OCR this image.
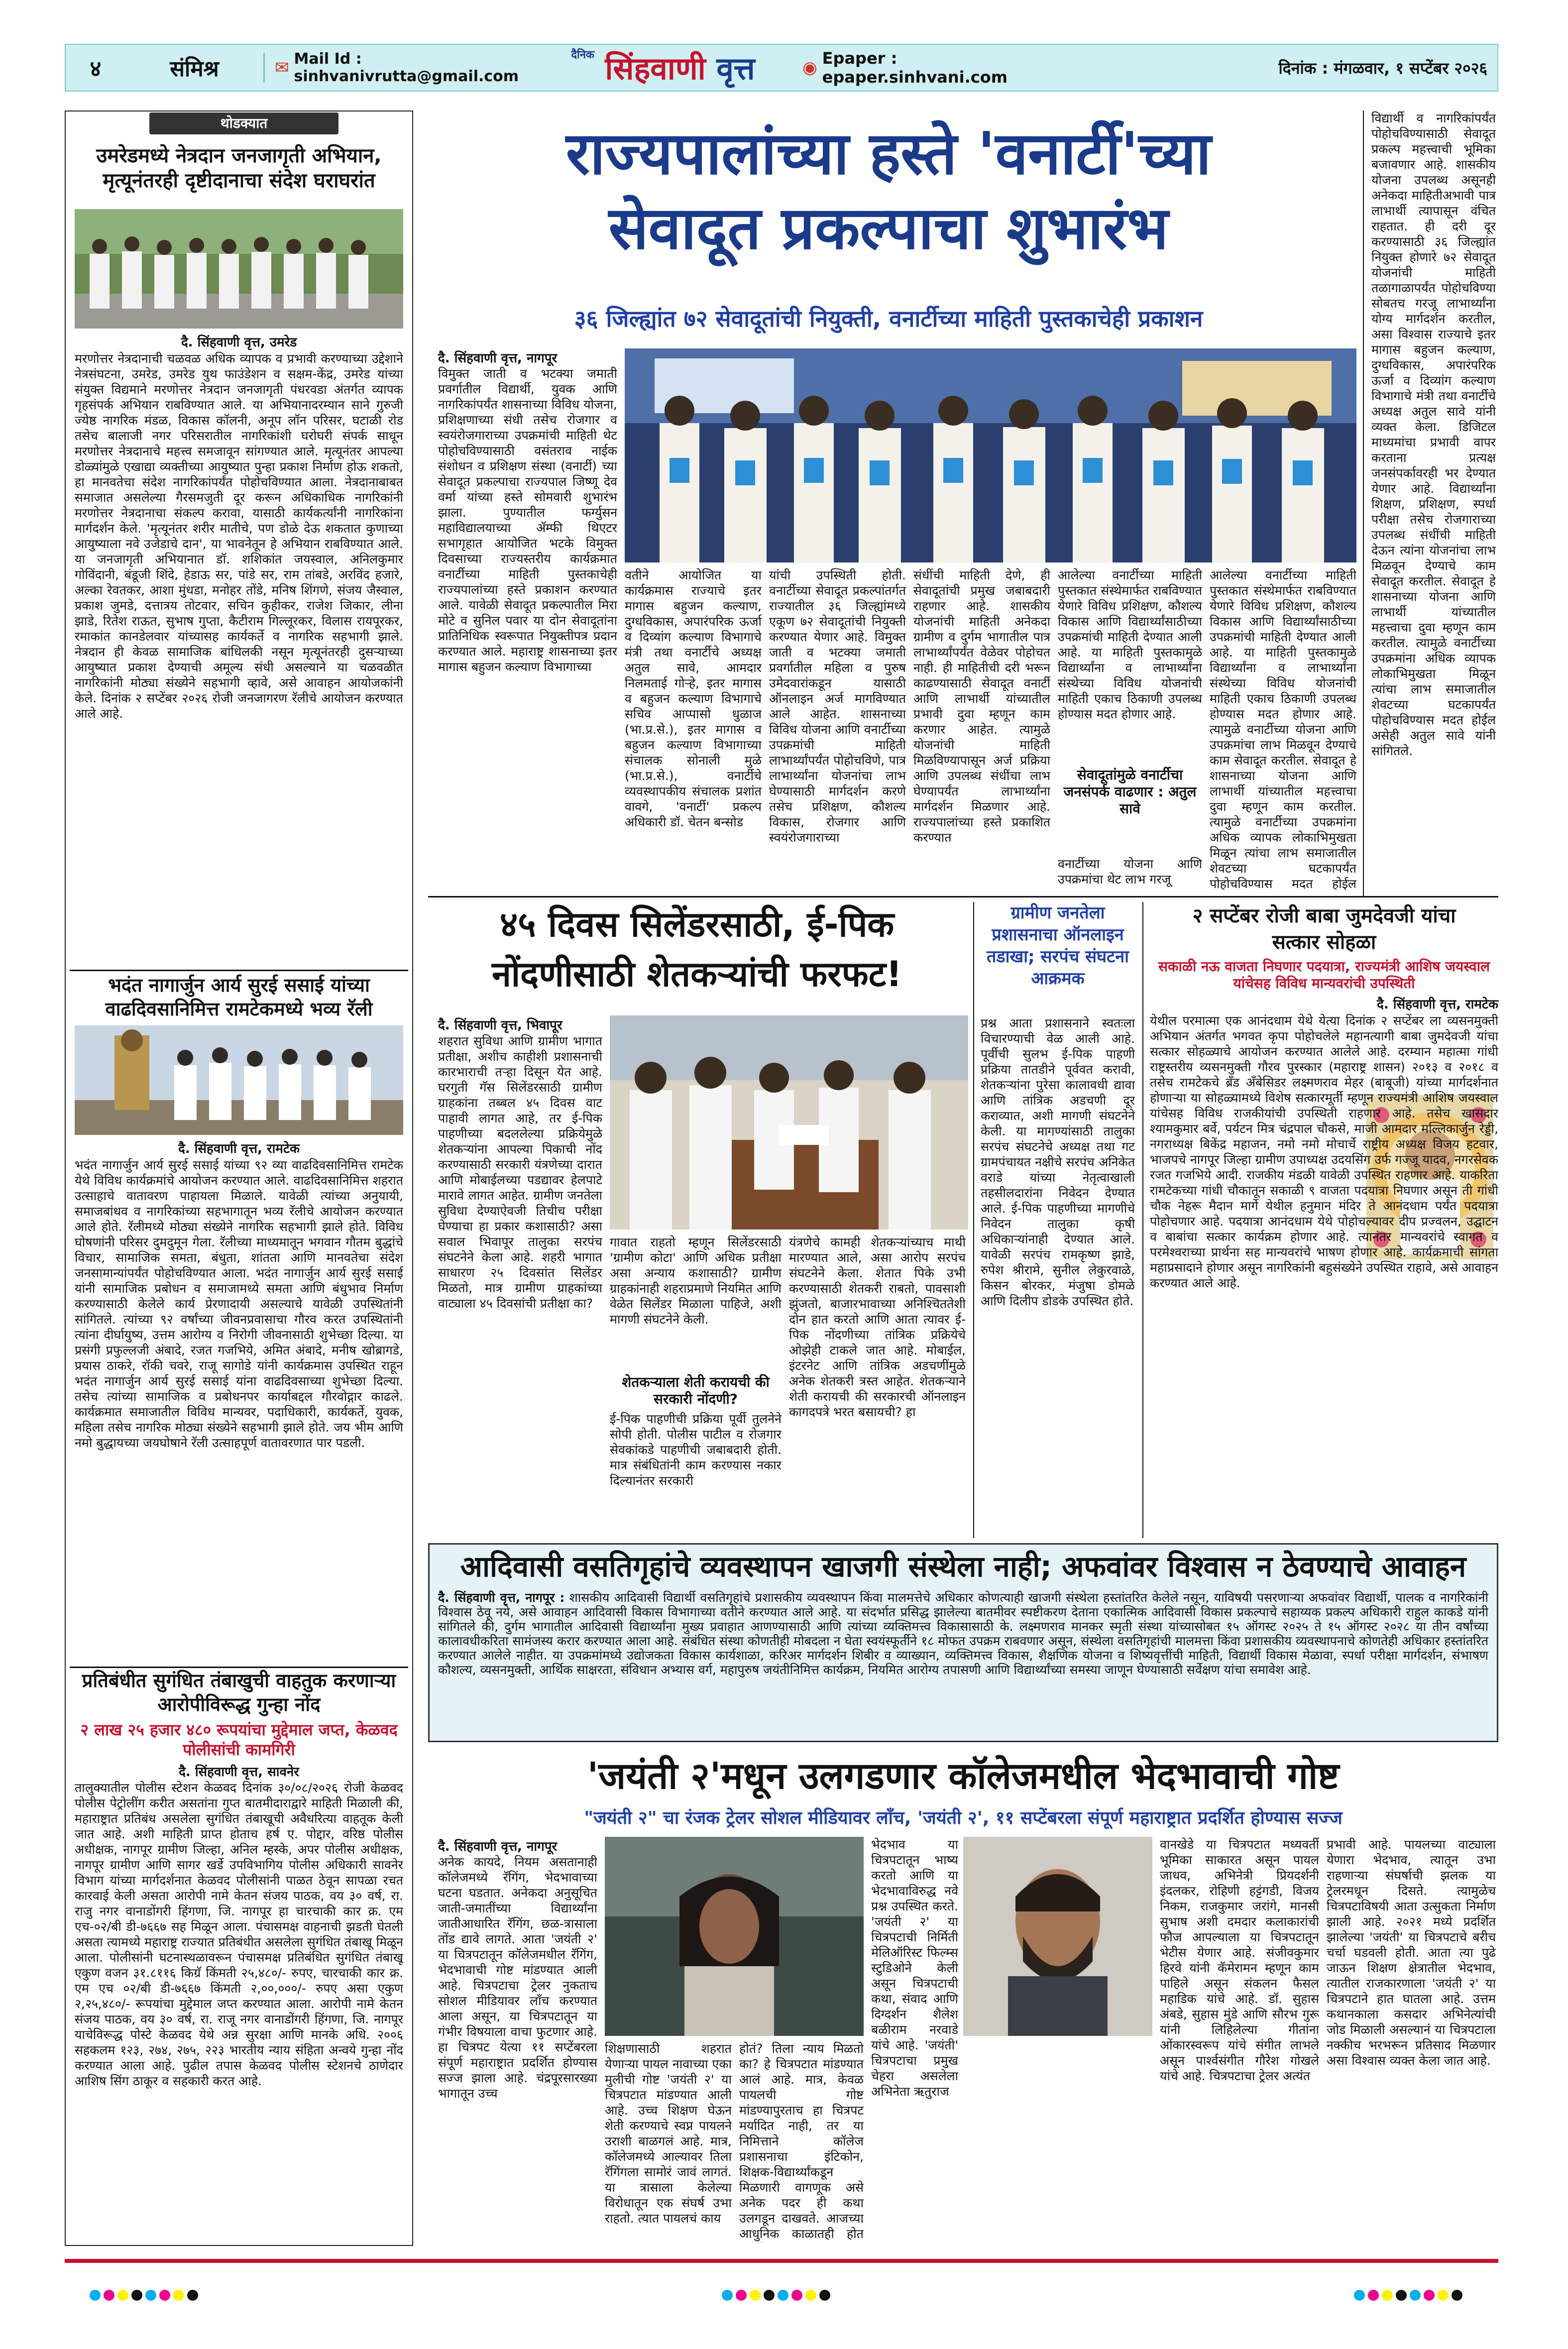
४	संमिश्र	✉ Mail Id : sinhvanivrutta@gmail.com
$^{दैनिक}$ सिंहवाणी वृत्त	◉ Epaper : epaper.sinhvani.com	दिनांक : मंगळवार, १ सप्टेंबर २०२६
थोडक्यात
उमरेडमध्ये नेत्रदान जनजागृती अभियान, मृत्यूनंतरही दृष्टीदानाचा संदेश घराघरांत
दै. सिंहवाणी वृत्त, उमरेड
मरणोत्तर नेत्रदानाची चळवळ अधिक व्यापक व प्रभावी करण्याच्या उद्देशाने नेत्रसंघटना, उमरेड, उमरेड युथ फाउंडेशन व सक्षम-केंद्र, उमरेड यांच्या संयुक्त विद्यमाने मरणोत्तर नेत्रदान जनजागृती पंधरवडा अंतर्गत व्यापक गृहसंपर्क अभियान राबविण्यात आले. या अभियानादरम्यान साने गुरुजी ज्येष्ठ नागरिक मंडळ, विकास कॉलनी, अनूप लॉन परिसर, घटाळी रोड तसेच बालाजी नगर परिसरातील नागरिकांशी घरोघरी संपर्क साधून मरणोत्तर नेत्रदानाचे महत्त्व समजावून सांगण्यात आले. मृत्यूनंतर आपल्या डोळ्यांमुळे एखाद्या व्यक्तीच्या आयुष्यात पुन्हा प्रकाश निर्माण होऊ शकतो, हा मानवतेचा संदेश नागरिकांपर्यंत पोहोचविण्यात आला. नेत्रदानाबाबत समाजात असलेल्या गैरसमजुती दूर करून अधिकाधिक नागरिकांनी मरणोत्तर नेत्रदानाचा संकल्प करावा, यासाठी कार्यकर्त्यांनी नागरिकांना मार्गदर्शन केले. 'मृत्यूनंतर शरीर मातीचे, पण डोळे देऊ शकतात कुणाच्या आयुष्याला नवे उजेडाचे दान', या भावनेतून हे अभियान राबविण्यात आले. या जनजागृती अभियानात डॉ. शशिकांत जयस्वाल, अनिलकुमार गोविंदानी, बंडूजी शिंदे, हेडाऊ सर, पांडे सर, राम तांबडे, अरविंद हजारे, अल्का रेवतकर, आशा मुंधडा, मनोहर तोंडे, मनिष शिंगणे, संजय जैस्वाल, प्रकाश जुमडे, दत्तात्रय तोटवार, सचिन कुहीकर, राजेश जिकार, लीना झाडे, रितेश राऊत, सुभाष गुप्ता, कैटीराम गिल्लूरकर, विलास रायपूरकर, रमाकांत कानडेलवार यांच्यासह कार्यकर्ते व नागरिक सहभागी झाले. नेत्रदान ही केवळ सामाजिक बांधिलकी नसून मृत्यूनंतरही दुसऱ्याच्या आयुष्यात प्रकाश देण्याची अमूल्य संधी असल्याने या चळवळीत नागरिकांनी मोठ्या संख्येने सहभागी व्हावे, असे आवाहन आयोजकांनी केले. दिनांक २ सप्टेंबर २०२६ रोजी जनजागरण रॅलीचे आयोजन करण्यात आले आहे.
भदंत नागार्जुन आर्य सुरई ससाई यांच्या वाढदिवसानिमित्त रामटेकमध्ये भव्य रॅली
दै. सिंहवाणी वृत्त, रामटेक
भदंत नागार्जुन आर्य सुरई ससाई यांच्या ९२ व्या वाढदिवसानिमित्त रामटेक येथे विविध कार्यक्रमांचे आयोजन करण्यात आले. वाढदिवसानिमित्त शहरात उत्साहाचे वातावरण पाहायला मिळाले. यावेळी त्यांच्या अनुयायी, समाजबांधव व नागरिकांच्या सहभागातून भव्य रॅलीचे आयोजन करण्यात आले होते. रॅलीमध्ये मोठ्या संख्येने नागरिक सहभागी झाले होते. विविध घोषणांनी परिसर दुमदुमून गेला. रॅलीच्या माध्यमातून भगवान गौतम बुद्धांचे विचार, सामाजिक समता, बंधुता, शांतता आणि मानवतेचा संदेश जनसामान्यांपर्यंत पोहोचविण्यात आला. भदंत नागार्जुन आर्य सुरई ससाई यांनी सामाजिक प्रबोधन व समाजामध्ये समता आणि बंधुभाव निर्माण करण्यासाठी केलेले कार्य प्रेरणादायी असल्याचे यावेळी उपस्थितांनी सांगितले. त्यांच्या ९२ वर्षांच्या जीवनप्रवासाचा गौरव करत उपस्थितांनी त्यांना दीर्घायुष्य, उत्तम आरोग्य व निरोगी जीवनासाठी शुभेच्छा दिल्या. या प्रसंगी प्रफुल्लजी अंबादे, रजत गजभिये, अमित अंबादे, मनीष खोब्रागडे, प्रयास ठाकरे, रॉकी चवरे, राजू सागोडे यांनी कार्यक्रमास उपस्थित राहून भदंत नागार्जुन आर्य सुरई ससाई यांना वाढदिवसाच्या शुभेच्छा दिल्या. तसेच त्यांच्या सामाजिक व प्रबोधनपर कार्याबद्दल गौरवोद्गार काढले. कार्यक्रमात समाजातील विविध मान्यवर, पदाधिकारी, कार्यकर्ते, युवक, महिला तसेच नागरिक मोठ्या संख्येने सहभागी झाले होते. जय भीम आणि नमो बुद्धायच्या जयघोषाने रॅली उत्साहपूर्ण वातावरणात पार पडली.
प्रतिबंधीत सुगंधित तंबाखुची वाहतुक करणाऱ्या आरोपीविरूद्ध गुन्हा नोंद
२ लाख २५ हजार ४८० रूपयांचा मुद्देमाल जप्त, केळवद पोलीसांची कामगिरी
दै. सिंहवाणी वृत्त, सावनेर
तालुक्यातील पोलीस स्टेशन केळवद दिनांक ३०/०८/२०२६ रोजी केळवद पोलीस पेट्रोलींग करीत असतांना गुप्त बातमीदाराद्वारे माहिती मिळाली की, महाराष्ट्रात प्रतिबंध असलेला सुगंधित तंबाखूची अवैधरित्या वाहतूक केली जात आहे. अशी माहिती प्राप्त होताच हर्ष ए. पोद्दार, वरिष्ठ पोलीस अधीक्षक, नागपूर ग्रामीण जिल्हा, अनिल म्हस्के, अपर पोलीस अधीक्षक, नागपूर ग्रामीण आणि सागर खर्डे उपविभागिय पोलीस अधिकारी सावनेर विभाग यांच्या मार्गदर्शनात केळवद पोलीसांनी पाळत ठेवून सापळा रचत कारवाई केली असता आरोपी नामे केतन संजय पाठक, वय ३० वर्ष, रा. राजु नगर वानाडोंगरी हिंगणा, जि. नागपूर हा चारचाकी कार क्र. एम एच-०२/बी डी-७६६७ सह मिळून आला. पंचासमक्ष वाहनाची झडती घेतली असता त्यामध्ये महाराष्ट्र राज्यात प्रतिबंधीत असलेला सुगंधित तंबाखू मिळून आला. पोलीसांनी घटनास्थळावरून पंचासमक्ष प्रतिबंधित सुगंधित तंबाखू एकुण वजन ३१.८११६ किग्रॅ किंमती २५,४८०/- रुपए, चारचाकी कार क्र. एम एच ०२/बी डी-७६६७ किंमती २,००,०००/- रुपए असा एकुण २,२५,४८०/- रूपयांचा मुद्देमाल जप्त करण्यात आला. आरोपी नामे केतन संजय पाठक, वय ३० वर्ष, रा. राजू नगर वानाडोंगरी हिंगणा, जि. नागपूर याचेविरूद्ध पोस्टे केळवद येथे अन्न सुरक्षा आणि मानके अधि. २००६ सहकलम १२३, २७४, २७५, २२३ भारतीय न्याय संहिता अन्वये गुन्हा नोंद करण्यात आला आहे. पुढील तपास केळवद पोलीस स्टेशनचे ठाणेदार आशिष सिंग ठाकूर व सहकारी करत आहे.
राज्यपालांच्या हस्ते 'वनार्टी'च्या
सेवादूत प्रकल्पाचा शुभारंभ
३६ जिल्ह्यांत ७२ सेवादूतांची नियुक्ती, वनार्टीच्या माहिती पुस्तकाचेही प्रकाशन
दै. सिंहवाणी वृत्त, नागपूर
विमुक्त जाती व भटक्या जमाती प्रवर्गातील विद्यार्थी, युवक आणि नागरिकांपर्यंत शासनाच्या विविध योजना, प्रशिक्षणाच्या संधी तसेच रोजगार व स्वयंरोजगाराच्या उपक्रमांची माहिती थेट पोहोचविण्यासाठी वसंतराव नाईक संशोधन व प्रशिक्षण संस्था (वनार्टी) च्या सेवादूत प्रकल्पाचा राज्यपाल जिष्णू देव वर्मा यांच्या हस्ते सोमवारी शुभारंभ झाला. पुण्यातील फर्ग्युसन महाविद्यालयाच्या ॲम्फी थिएटर सभागृहात आयोजित भटके विमुक्त दिवसाच्या राज्यस्तरीय कार्यक्रमात वनार्टीच्या माहिती पुस्तकाचेही राज्यपालांच्या हस्ते प्रकाशन करण्यात आले. यावेळी सेवादूत प्रकल्पातील मिरा मोटे व सुनिल पवार या दोन सेवादूतांना प्रातिनिधिक स्वरूपात नियुक्तीपत्र प्रदान करण्यात आले. महाराष्ट्र शासनाच्या इतर मागास बहुजन कल्याण विभागाच्या
वतीने आयोजित या कार्यक्रमास राज्याचे इतर मागास बहुजन कल्याण, दुग्धविकास, अपारंपरिक ऊर्जा व दिव्यांग कल्याण विभागाचे मंत्री तथा वनार्टीचे अध्यक्ष अतुल सावे, आमदार निलमताई गोऱ्हे, इतर मागास व बहुजन कल्याण विभागाचे सचिव आप्पासो धुळाज (भा.प्र.से.), इतर मागास व बहुजन कल्याण विभागाच्या संचालक सोनाली मुळे (भा.प्र.से.), वनार्टीचे व्यवस्थापकीय संचालक प्रशांत वावगे, 'वनार्टी' प्रकल्प अधिकारी डॉ. चेतन बन्सोड
यांची उपस्थिती होती. वनार्टीच्या सेवादूत प्रकल्पांतर्गत राज्यातील ३६ जिल्ह्यांमध्ये एकूण ७२ सेवादूतांची नियुक्ती करण्यात येणार आहे. विमुक्त जाती व भटक्या जमाती प्रवर्गातील महिला व पुरुष उमेदवारांकडून यासाठी ऑनलाइन अर्ज मागविण्यात आले आहेत. शासनाच्या विविध योजना आणि वनार्टीच्या उपक्रमांची माहिती लाभार्थ्यांपर्यंत पोहोचविणे, पात्र लाभार्थ्यांना योजनांचा लाभ घेण्यासाठी मार्गदर्शन करणे तसेच प्रशिक्षण, कौशल्य विकास, रोजगार आणि स्वयंरोजगाराच्या
संधींची माहिती देणे, ही सेवादूतांची प्रमुख जबाबदारी राहणार आहे. शासकीय योजनांची माहिती अनेकदा ग्रामीण व दुर्गम भागातील पात्र लाभार्थ्यांपर्यंत वेळेवर पोहोचत नाही. ही माहितीची दरी भरून काढण्यासाठी सेवादूत वनार्टी आणि लाभार्थी यांच्यातील प्रभावी दुवा म्हणून काम करणार आहेत. त्यामुळे योजनांची माहिती मिळविण्यापासून अर्ज प्रक्रिया आणि उपलब्ध संधींचा लाभ घेण्यापर्यंत लाभार्थ्यांना मार्गदर्शन मिळणार आहे. राज्यपालांच्या हस्ते प्रकाशित करण्यात
आलेल्या वनार्टीच्या माहिती पुस्तकात संस्थेमार्फत राबविण्यात येणारे विविध प्रशिक्षण, कौशल्य विकास आणि विद्यार्थ्यांसाठीच्या उपक्रमांची माहिती देण्यात आली आहे. या माहिती पुस्तकामुळे विद्यार्थ्यांना व लाभार्थ्यांना संस्थेच्या विविध योजनांची माहिती एकाच ठिकाणी उपलब्ध होण्यास मदत होणार आहे.
सेवादूतांमुळे वनार्टीचा जनसंपर्क वाढणार : अतुल सावे
वनार्टीच्या योजना आणि उपक्रमांचा थेट लाभ गरजू
आलेल्या वनार्टीच्या माहिती पुस्तकात संस्थेमार्फत राबविण्यात येणारे विविध प्रशिक्षण, कौशल्य विकास आणि विद्यार्थ्यांसाठीच्या उपक्रमांची माहिती देण्यात आली आहे. या माहिती पुस्तकामुळे विद्यार्थ्यांना व लाभार्थ्यांना संस्थेच्या विविध योजनांची माहिती एकाच ठिकाणी उपलब्ध होण्यास मदत होणार आहे. त्यामुळे वनार्टीच्या योजना आणि उपक्रमांचा लाभ मिळवून देण्याचे काम सेवादूत करतील. सेवादूत हे शासनाच्या योजना आणि लाभार्थी यांच्यातील महत्त्वाचा दुवा म्हणून काम करतील. त्यामुळे वनार्टीच्या उपक्रमांना अधिक व्यापक लोकाभिमुखता मिळून त्यांचा लाभ समाजातील शेवटच्या घटकापर्यंत पोहोचविण्यास मदत होईल
विद्यार्थी व नागरिकांपर्यंत पोहोचविण्यासाठी सेवादूत प्रकल्प महत्त्वाची भूमिका बजावणार आहे. शासकीय योजना उपलब्ध असूनही अनेकदा माहितीअभावी पात्र लाभार्थी त्यापासून वंचित राहतात. ही दरी दूर करण्यासाठी ३६ जिल्ह्यांत नियुक्त होणारे ७२ सेवादूत योजनांची माहिती तळागाळापर्यंत पोहोचविण्या सोबतच गरजू लाभार्थ्यांना योग्य मार्गदर्शन करतील, असा विश्वास राज्याचे इतर मागास बहुजन कल्याण, दुग्धविकास, अपारंपरिक ऊर्जा व दिव्यांग कल्याण विभागाचे मंत्री तथा वनार्टीचे अध्यक्ष अतुल सावे यांनी व्यक्त केला. डिजिटल माध्यमांचा प्रभावी वापर करताना प्रत्यक्ष जनसंपर्कावरही भर देण्यात येणार आहे. विद्यार्थ्यांना शिक्षण, प्रशिक्षण, स्पर्धा परीक्षा तसेच रोजगाराच्या उपलब्ध संधींची माहिती देऊन त्यांना योजनांचा लाभ मिळवून देण्याचे काम सेवादूत करतील. सेवादूत हे शासनाच्या योजना आणि लाभार्थी यांच्यातील महत्त्वाचा दुवा म्हणून काम करतील. त्यामुळे वनार्टीच्या उपक्रमांना अधिक व्यापक लोकाभिमुखता मिळून त्यांचा लाभ समाजातील शेवटच्या घटकापर्यंत पोहोचविण्यास मदत होईल असेही अतुल सावे यांनी सांगितले.
४५ दिवस सिलेंडरसाठी, ई-पिक
नोंदणीसाठी शेतकऱ्यांची फरफट!
दै. सिंहवाणी वृत्त, भिवापूर
शहरात सुविधा आणि ग्रामीण भागात प्रतीक्षा, अशीच काहीशी प्रशासनाची कारभाराची तऱ्हा दिसून येत आहे. घरगुती गॅस सिलेंडरसाठी ग्रामीण ग्राहकांना तब्बल ४५ दिवस वाट पाहावी लागत आहे, तर ई-पिक पाहणीच्या बदललेल्या प्रक्रियेमुळे शेतकऱ्यांना आपल्या पिकाची नोंद करण्यासाठी सरकारी यंत्रणेच्या दारात आणि मोबाईलच्या पडद्यावर हेलपाटे मारावे लागत आहेत. ग्रामीण जनतेला सुविधा देण्याऐवजी तिचीच परीक्षा घेण्याचा हा प्रकार कशासाठी? असा सवाल भिवापूर तालुका सरपंच संघटनेने केला आहे. शहरी भागात साधारण २५ दिवसांत सिलेंडर मिळतो, मात्र ग्रामीण ग्राहकांच्या वाट्याला ४५ दिवसांची प्रतीक्षा का?
गावात राहतो म्हणून सिलेंडरसाठी 'ग्रामीण कोटा' आणि अधिक प्रतीक्षा असा अन्याय कशासाठी? ग्रामीण ग्राहकांनाही शहराप्रमाणे नियमित आणि वेळेत सिलेंडर मिळाला पाहिजे, अशी मागणी संघटनेने केली.
शेतकऱ्याला शेती करायची की सरकारी नोंदणी?
ई-पिक पाहणीची प्रक्रिया पूर्वी तुलनेने सोपी होती. पोलीस पाटील व रोजगार सेवकांकडे पाहणीची जबाबदारी होती. मात्र संबंधितांनी काम करण्यास नकार दिल्यानंतर सरकारी
यंत्रणेचे कामही शेतकऱ्यांच्याच माथी मारण्यात आले, असा आरोप सरपंच संघटनेने केला. शेतात पिके उभी करण्यासाठी शेतकरी राबतो, पावसाशी झुंजतो, बाजारभावाच्या अनिश्चिततेशी दोन हात करतो आणि आता त्यावर ई-पिक नोंदणीच्या तांत्रिक प्रक्रियेचे ओझेही टाकले जात आहे. मोबाईल, इंटरनेट आणि तांत्रिक अडचणींमुळे अनेक शेतकरी त्रस्त आहेत. शेतकऱ्याने शेती करायची की सरकारची ऑनलाइन कागदपत्रे भरत बसायची? हा
ग्रामीण जनतेला प्रशासनाचा ऑनलाइन तडाखा; सरपंच संघटना आक्रमक
प्रश्न आता प्रशासनाने स्वतःला विचारण्याची वेळ आली आहे. पूर्वीची सुलभ ई-पिक पाहणी प्रक्रिया तातडीने पूर्ववत करावी, शेतकऱ्यांना पुरेसा कालावधी द्यावा आणि तांत्रिक अडचणी दूर कराव्यात, अशी मागणी संघटनेने केली. या मागण्यांसाठी तालुका सरपंच संघटनेचे अध्यक्ष तथा गट ग्रामपंचायत नक्षीचे सरपंच अनिकेत वराडे यांच्या नेतृत्वाखाली तहसीलदारांना निवेदन देण्यात आले. ई-पिक पाहणीच्या मागणीचे निवेदन तालुका कृषी अधिकाऱ्यांनाही देण्यात आले. यावेळी सरपंच रामकृष्ण झाडे, रुपेश श्रीरामे, सुनील लेकुरवाळे, किसन बोरकर, मंजुषा डोमळे आणि दिलीप डोडके उपस्थित होते.
२ सप्टेंबर रोजी बाबा जुमदेवजी यांचा
सत्कार सोहळा
सकाळी नऊ वाजता निघणार पदयात्रा, राज्यमंत्री आशिष जयस्वाल यांचेसह विविध मान्यवरांची उपस्थिती
दै. सिंहवाणी वृत्त, रामटेक
येथील परमात्मा एक आनंदधाम येथे येत्या दिनांक २ सप्टेंबर ला व्यसनमुक्ती अभियान अंतर्गत भगवत कृपा पोहोचलेले महानत्यागी बाबा जुमदेवजी यांचा सत्कार सोहळ्याचे आयोजन करण्यात आलेले आहे. दरम्यान महात्मा गांधी राष्ट्रस्तरीय व्यसनमुक्ती गौरव पुरस्कार (महाराष्ट्र शासन) २०१३ व २०१८ व तसेच रामटेकचे ब्रँड अँबेसिडर लक्ष्मणराव मेहर (बाबूजी) यांच्या मार्गदर्शनात होणाऱ्या या सोहळ्यामध्ये विशेष सत्कारमूर्ती म्हणून राज्यमंत्री आशिष जयस्वाल यांचेसह विविध राजकीयांची उपस्थिती राहणार आहे. तसेच खासदार श्यामकुमार बर्वे, पर्यटन मित्र चंद्रपाल चौकसे, माजी आमदार मल्लिकार्जुन रेड्डी, नगराध्यक्ष बिकेंद्र महाजन, नमो नमो मोचार्चे राष्ट्रीय अध्यक्ष विजय हटवार, भाजपचे नागपूर जिल्हा ग्रामीण उपाध्यक्ष उदयसिंग उर्फ गज्जू यादव, नगरसेवक रजत गजभिये आदी. राजकीय मंडळी यावेळी उपस्थित राहणार आहे. याकरिता रामटेकच्या गांधी चौकातून सकाळी ९ वाजता पदयात्रा निघणार असून ती गांधी चौक नेहरू मैदान मार्गे येथील हनुमान मंदिर ते आनंदधाम पर्यंत पदयात्रा पोहोचणार आहे. पदयात्रा आनंदधाम येथे पोहोचल्यावर दीप प्रज्वलन, उद्घाटन व बाबांचा सत्कार कार्यक्रम होणार आहे. त्यानंतर मान्यवरांचे स्वागत व परमेश्वराच्या प्रार्थना सह मान्यवरांचे भाषण होणार आहे. कार्यक्रमाची सांगता महाप्रसादाने होणार असून नागरिकांनी बहुसंख्येने उपस्थित राहावे, असे आवाहन करण्यात आले आहे.
आदिवासी वसतिगृहांचे व्यवस्थापन खाजगी संस्थेला नाही; अफवांवर विश्वास न ठेवण्याचे आवाहन
दै. सिंहवाणी वृत्त, नागपूर : शासकीय आदिवासी विद्यार्थी वसतिगृहांचे प्रशासकीय व्यवस्थापन किंवा मालमत्तेचे अधिकार कोणत्याही खाजगी संस्थेला हस्तांतरित केलेले नसून, याविषयी पसरणाऱ्या अफवांवर विद्यार्थी, पालक व नागरिकांनी विश्वास ठेवू नये, असे आवाहन आदिवासी विकास विभागाच्या वतीने करण्यात आले आहे. या संदर्भात प्रसिद्ध झालेल्या बातमीवर स्पष्टीकरण देताना एकात्मिक आदिवासी विकास प्रकल्पाचे सहाय्यक प्रकल्प अधिकारी राहुल काकडे यांनी सांगितले की, दुर्गम भागातील आदिवासी विद्यार्थ्यांना मुख्य प्रवाहात आणण्यासाठी आणि त्यांच्या व्यक्तिमत्त्व विकासासाठी के. लक्ष्मणराव मानकर स्मृती संस्था यांच्यासोबत १५ ऑगस्ट २०२५ ते १५ ऑगस्ट २०२८ या तीन वर्षांच्या कालावधीकरिता सामंजस्य करार करण्यात आला आहे. संबंधित संस्था कोणतीही मोबदला न घेता स्वयंस्फूर्तीने १८ मोफत उपक्रम राबवणार असून, संस्थेला वसतिगृहांची मालमत्ता किंवा प्रशासकीय व्यवस्थापनाचे कोणतेही अधिकार हस्तांतरित करण्यात आलेले नाहीत. या उपक्रमांमध्ये उद्योजकता विकास कार्यशाळा, करिअर मार्गदर्शन शिबीर व व्याख्यान, व्यक्तिमत्त्व विकास, शैक्षणिक योजना व शिष्यवृत्तींची माहिती, विद्यार्थी विकास मेळावा, स्पर्धा परीक्षा मार्गदर्शन, संभाषण कौशल्य, व्यसनमुक्ती, आर्थिक साक्षरता, संविधान अभ्यास वर्ग, महापुरुष जयंतीनिमित्त कार्यक्रम, नियमित आरोग्य तपासणी आणि विद्यार्थ्यांच्या समस्या जाणून घेण्यासाठी सर्वेक्षण यांचा समावेश आहे.
'जयंती २'मधून उलगडणार कॉलेजमधील भेदभावाची गोष्ट
"जयंती २" चा रंजक ट्रेलर सोशल मीडियावर लाँच, 'जयंती २', ११ सप्टेंबरला संपूर्ण महाराष्ट्रात प्रदर्शित होण्यास सज्ज
दै. सिंहवाणी वृत्त, नागपूर
अनेक कायदे, नियम असतानाही कॉलेजमध्ये रॅगिंग, भेदभावाच्या घटना घडतात. अनेकदा अनुसूचित जाती-जमातींच्या विद्यार्थ्यांना जातीआधारित रॅगिंग, छळ-त्रासाला तोंड द्यावे लागते. आता 'जयंती २' या चित्रपटातून कॉलेजमधील रॅगिंग, भेदभावाची गोष्ट मांडण्यात आली आहे. चित्रपटाचा ट्रेलर नुकताच सोशल मीडियावर लाँच करण्यात आला असून, या चित्रपटातून या गंभीर विषयाला वाचा फुटणार आहे. हा चित्रपट येत्या ११ सप्टेंबरला संपूर्ण महाराष्ट्रात प्रदर्शित होण्यास सज्ज झाला आहे. चंद्रपूरसारख्या भागातून उच्च
शिक्षणासाठी शहरात येणाऱ्या पायल नावाच्या एका मुलीची गोष्ट 'जयंती २' या चित्रपटात मांडण्यात आली आहे. उच्च शिक्षण घेऊन शेती करण्याचे स्वप्न पायलने उराशी बाळगलं आहे. मात्र, कॉलेजमध्ये आल्यावर तिला रॅगिंगला सामोरं जावं लागतं. या त्रासाला केलेल्या विरोधातून एक संघर्ष उभा राहतो. त्यात पायलचं काय
होतं? तिला न्याय मिळतो का? हे चित्रपटात मांडण्यात आलं आहे. मात्र, केवळ पायलची गोष्ट मांडण्यापुरताच हा चित्रपट मर्यादित नाही, तर या निमित्ताने कॉलेज प्रशासनाचा इंटिकोन, शिक्षक-विद्यार्थ्यांकडून मिळणारी वागणूक असे अनेक पदर ही कथा उलगडून दाखवते. आजच्या आधुनिक काळातही होत
भेदभाव या चित्रपटातून भाष्य करतो आणि या भेदभावाविरुद्ध नवे प्रश्न उपस्थित करते. 'जयंती २' या चित्रपटाची निर्मिती मेलिऑरिस्ट फिल्म्स स्टुडिओने केली असून चित्रपटाची कथा, संवाद आणि दिग्दर्शन शैलेश बळीराम नरवाडे यांचे आहे. 'जयंती' चित्रपटाचा प्रमुख चेहरा असलेला अभिनेता ऋतुराज
वानखेडे या चित्रपटात मध्यवर्ती भूमिका साकारत असून पायल जाधव, अभिनेत्री प्रियदर्शनी इंदलकर, रोहिणी हट्टंगडी, विजय निकम, राजकुमार जरांगे, मानसी सुभाष अशी दमदार कलाकारांची फौज आपल्याला या चित्रपटातून भेटीस येणार आहे. संजीवकुमार हिरवे यांनी कॅमेरामन म्हणून काम पाहिले असून संकलन फैसल महाडिक यांचे आहे. डॉ. सुहास अंबडे, सुहास मुंडे आणि सौरभ गुरू यांनी लिहिलेल्या गीतांना ओंकारस्वरूप यांचे संगीत लाभले असून पार्श्वसंगीत गौरेश गोखले यांचे आहे. चित्रपटाचा ट्रेलर अत्यंत
प्रभावी आहे. पायलच्या वाट्याला येणारा भेदभाव, त्यातून उभा राहणाऱ्या संघर्षाची झलक या ट्रेलरमधून दिसते. त्यामुळेच चित्रपटाविषयी आता उत्सुकता निर्माण झाली आहे. २०२१ मध्ये प्रदर्शित झालेल्या 'जयंती' या चित्रपटाचे बरीच चर्चा घडवली होती. आता त्या पुढे जाऊन शिक्षण क्षेत्रातील भेदभाव, त्यातील राजकारणाला 'जयंती २' या चित्रपटाने हात घातला आहे. उत्तम कथानकाला कसदार अभिनेत्यांची जोड मिळाली असल्यानं या चित्रपटाला नक्कीच भरभरून प्रतिसाद मिळणार असा विश्वास व्यक्त केला जात आहे.
